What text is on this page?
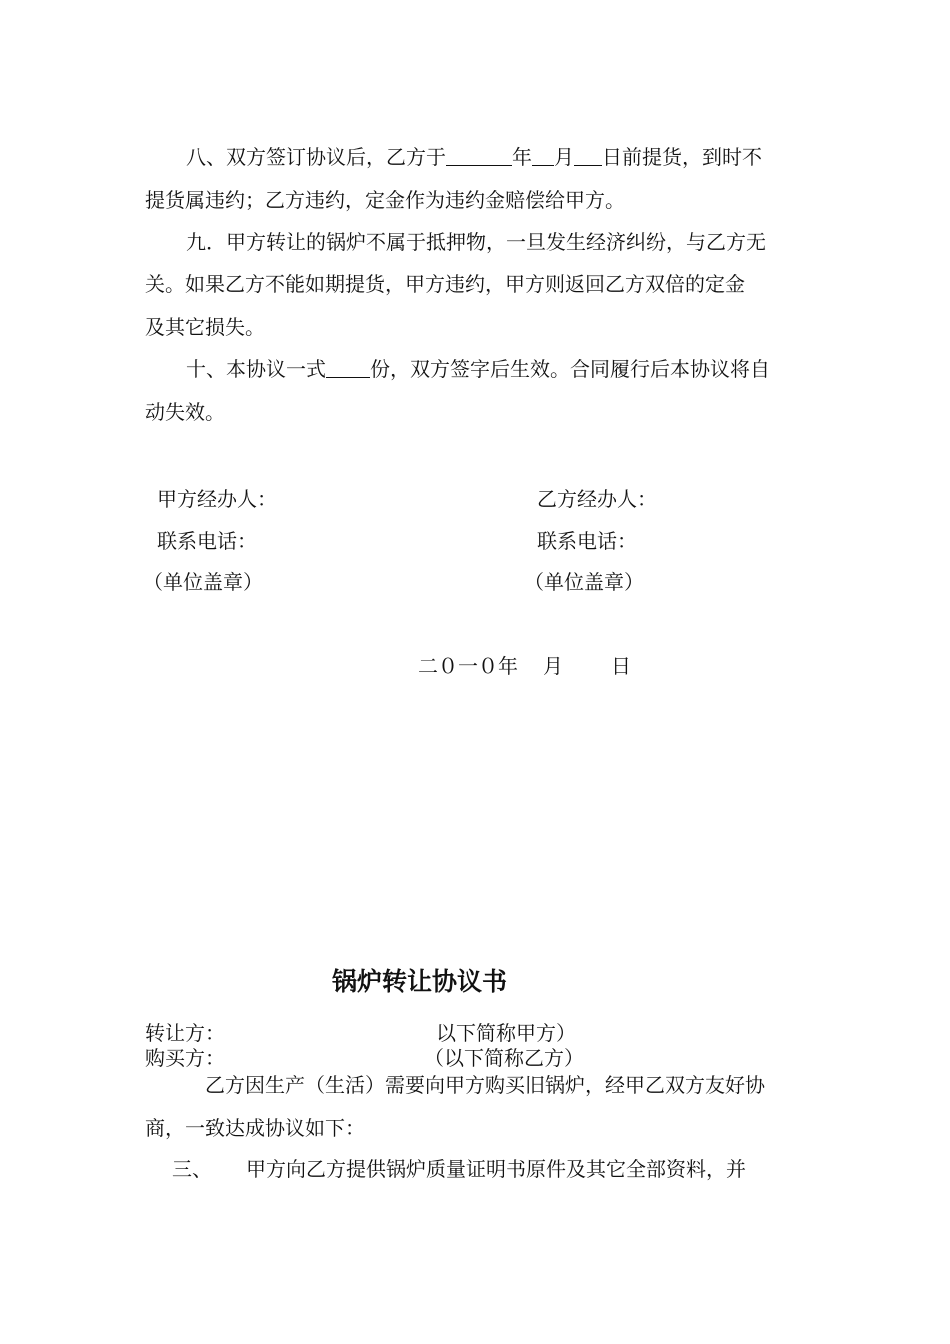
八、双方签订协议后，乙方于	年 月 日前提货，到时不
提货属违约；乙方违约，定金作为违约金赔偿给甲方。
九．甲方转让的锅炉不属于抵押物，一旦发生经济纠纷，与乙方无
关。如果乙方不能如期提货，甲方违约，甲方则返回乙方双倍的定金
及其它损失。
十、本协议一式 份，双方签字后生效。合同履行后本协议将自
动失效。
甲方经办人：	乙方经办人：
联系电话：	联系电话：
（单位盖章）	（单位盖章）
二０一０年 月 日
锅炉转让协议书
转让方：	以下简称甲方）
购买方：	（以下简称乙方）
乙方因生产（生活）需要向甲方购买旧锅炉，经甲乙双方友好协
商，一致达成协议如下：
三、 甲方向乙方提供锅炉质量证明书原件及其它全部资料，并
